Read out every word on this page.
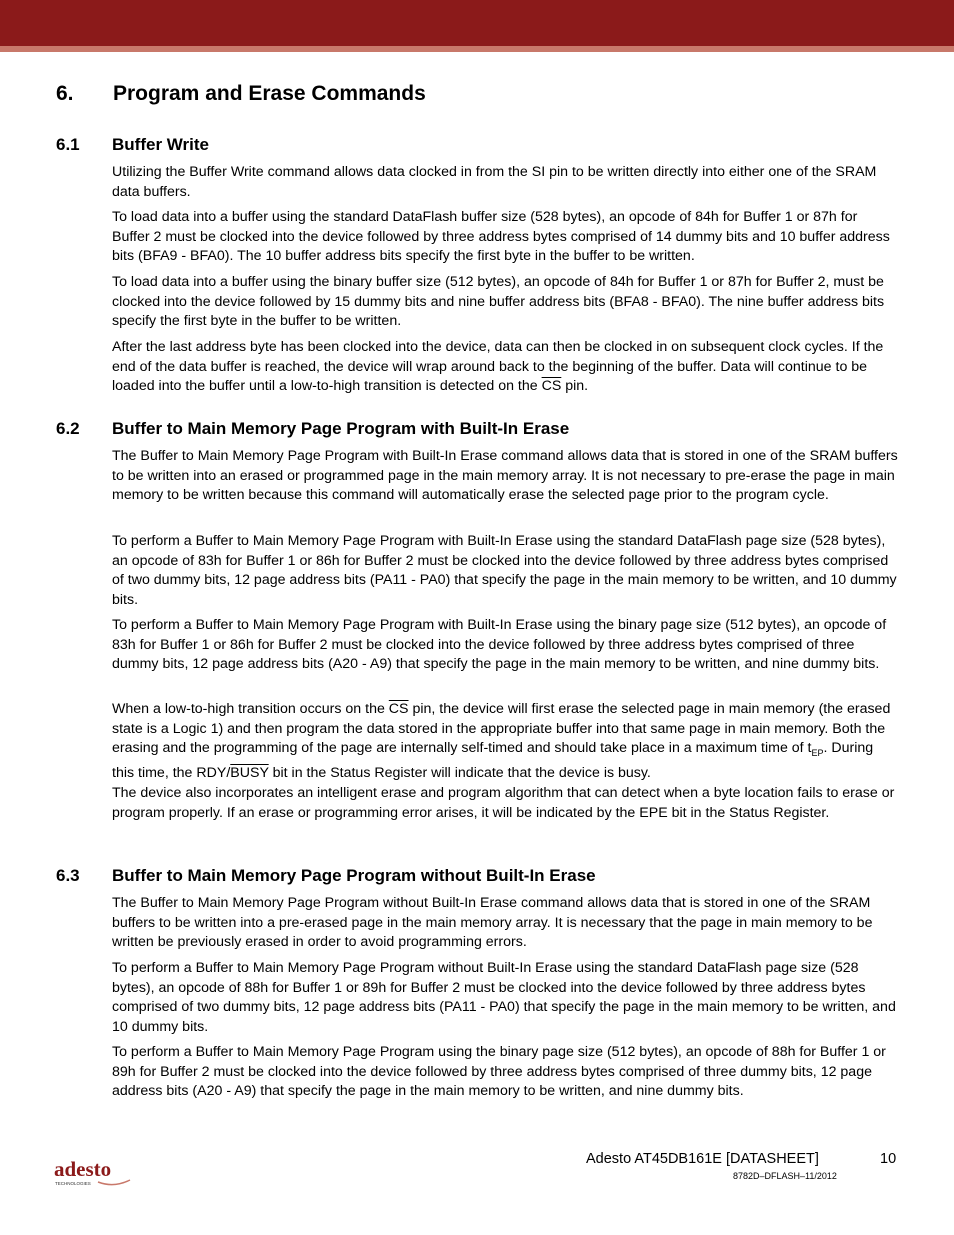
6. Program and Erase Commands
6.1 Buffer Write
Utilizing the Buffer Write command allows data clocked in from the SI pin to be written directly into either one of the SRAM data buffers.
To load data into a buffer using the standard DataFlash buffer size (528 bytes), an opcode of 84h for Buffer 1 or 87h for Buffer 2 must be clocked into the device followed by three address bytes comprised of 14 dummy bits and 10 buffer address bits (BFA9 - BFA0). The 10 buffer address bits specify the first byte in the buffer to be written.
To load data into a buffer using the binary buffer size (512 bytes), an opcode of 84h for Buffer 1 or 87h for Buffer 2, must be clocked into the device followed by 15 dummy bits and nine buffer address bits (BFA8 - BFA0). The nine buffer address bits specify the first byte in the buffer to be written.
After the last address byte has been clocked into the device, data can then be clocked in on subsequent clock cycles. If the end of the data buffer is reached, the device will wrap around back to the beginning of the buffer. Data will continue to be loaded into the buffer until a low-to-high transition is detected on the $\overline{CS}$ pin.
6.2 Buffer to Main Memory Page Program with Built-In Erase
The Buffer to Main Memory Page Program with Built-In Erase command allows data that is stored in one of the SRAM buffers to be written into an erased or programmed page in the main memory array. It is not necessary to pre-erase the page in main memory to be written because this command will automatically erase the selected page prior to the program cycle.
To perform a Buffer to Main Memory Page Program with Built-In Erase using the standard DataFlash page size (528 bytes), an opcode of 83h for Buffer 1 or 86h for Buffer 2 must be clocked into the device followed by three address bytes comprised of two dummy bits, 12 page address bits (PA11 - PA0) that specify the page in the main memory to be written, and 10 dummy bits.
To perform a Buffer to Main Memory Page Program with Built-In Erase using the binary page size (512 bytes), an opcode of 83h for Buffer 1 or 86h for Buffer 2 must be clocked into the device followed by three address bytes comprised of three dummy bits, 12 page address bits (A20 - A9) that specify the page in the main memory to be written, and nine dummy bits.
When a low-to-high transition occurs on the $\overline{CS}$ pin, the device will first erase the selected page in main memory (the erased state is a Logic 1) and then program the data stored in the appropriate buffer into that same page in main memory. Both the erasing and the programming of the page are internally self-timed and should take place in a maximum time of $t_{EP}$. During this time, the RDY/BUSY bit in the Status Register will indicate that the device is busy.
The device also incorporates an intelligent erase and program algorithm that can detect when a byte location fails to erase or program properly. If an erase or programming error arises, it will be indicated by the EPE bit in the Status Register.
6.3 Buffer to Main Memory Page Program without Built-In Erase
The Buffer to Main Memory Page Program without Built-In Erase command allows data that is stored in one of the SRAM buffers to be written into a pre-erased page in the main memory array. It is necessary that the page in main memory to be written be previously erased in order to avoid programming errors.
To perform a Buffer to Main Memory Page Program without Built-In Erase using the standard DataFlash page size (528 bytes), an opcode of 88h for Buffer 1 or 89h for Buffer 2 must be clocked into the device followed by three address bytes comprised of two dummy bits, 12 page address bits (PA11 - PA0) that specify the page in the main memory to be written, and 10 dummy bits.
To perform a Buffer to Main Memory Page Program using the binary page size (512 bytes), an opcode of 88h for Buffer 1 or 89h for Buffer 2 must be clocked into the device followed by three address bytes comprised of three dummy bits, 12 page address bits (A20 - A9) that specify the page in the main memory to be written, and nine dummy bits.
adesto
TECHNOLOGIES
Adesto AT45DB161E [DATASHEET]	10
8782D–DFLASH–11/2012
